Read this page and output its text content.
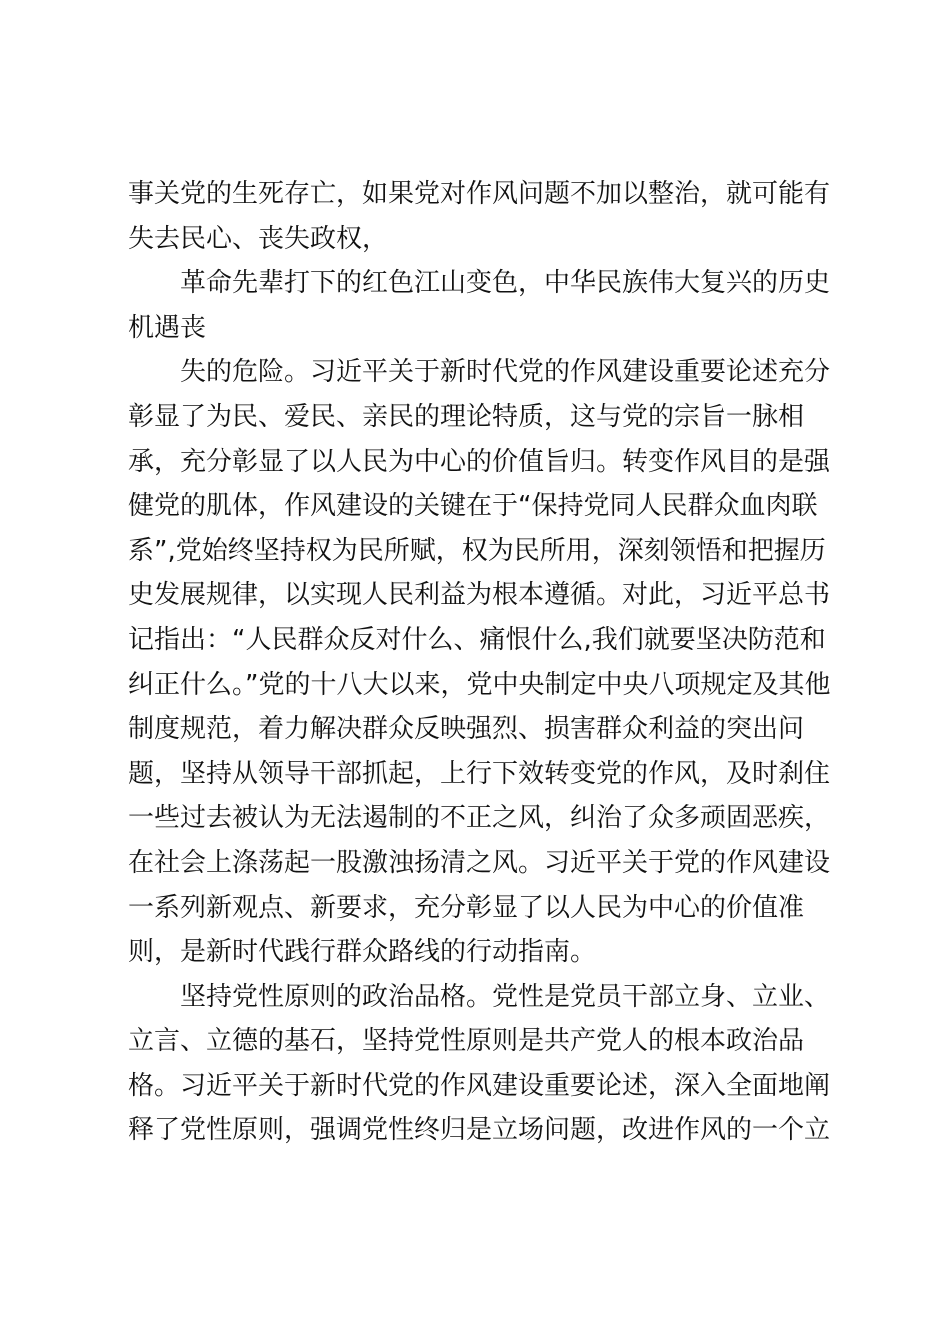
事关党的生死存亡，如果党对作风问题不加以整治，就可能有
失去民心、丧失政权，
革命先辈打下的红色江山变色，中华民族伟大复兴的历史
机遇丧
失的危险。习近平关于新时代党的作风建设重要论述充分
彰显了为民、爱民、亲民的理论特质，这与党的宗旨一脉相
承，充分彰显了以人民为中心的价值旨归。转变作风目的是强
健党的肌体，作风建设的关键在于“保持党同人民群众血肉联
系”,党始终坚持权为民所赋，权为民所用，深刻领悟和把握历
史发展规律，以实现人民利益为根本遵循。对此，习近平总书
记指出：“人民群众反对什么、痛恨什么,我们就要坚决防范和
纠正什么。”党的十八大以来，党中央制定中央八项规定及其他
制度规范，着力解决群众反映强烈、损害群众利益的突出问
题，坚持从领导干部抓起，上行下效转变党的作风，及时刹住
一些过去被认为无法遏制的不正之风，纠治了众多顽固恶疾，
在社会上涤荡起一股激浊扬清之风。习近平关于党的作风建设
一系列新观点、新要求，充分彰显了以人民为中心的价值准
则，是新时代践行群众路线的行动指南。
坚持党性原则的政治品格。党性是党员干部立身、立业、
立言、立德的基石，坚持党性原则是共产党人的根本政治品
格。习近平关于新时代党的作风建设重要论述，深入全面地阐
释了党性原则，强调党性终归是立场问题，改进作风的一个立
